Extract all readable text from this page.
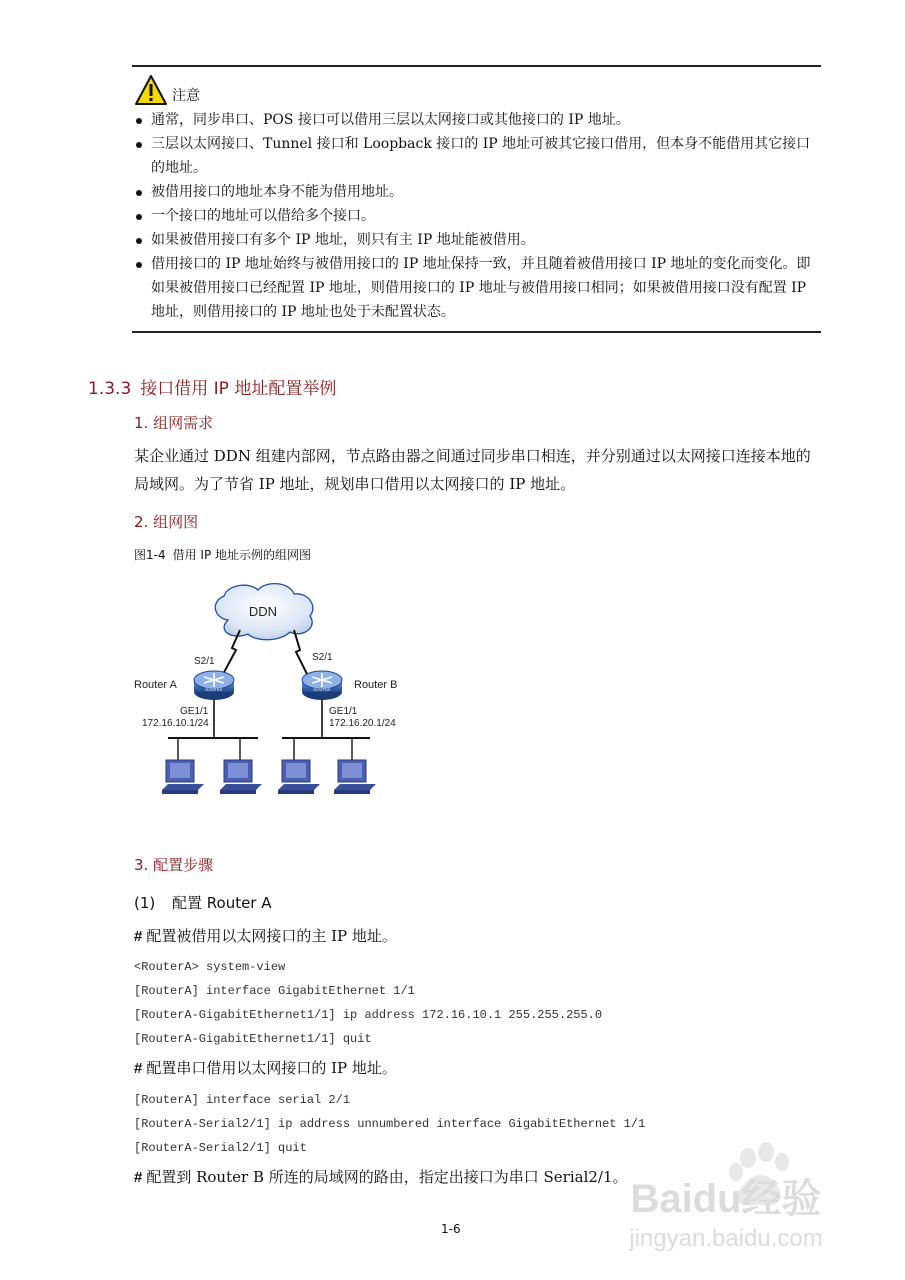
注意
通常，同步串口、POS 接口可以借用三层以太网接口或其他接口的 IP 地址。
三层以太网接口、Tunnel 接口和 Loopback 接口的 IP 地址可被其它接口借用，但本身不能借用其它接口的地址。
被借用接口的地址本身不能为借用地址。
一个接口的地址可以借给多个接口。
如果被借用接口有多个 IP 地址，则只有主 IP 地址能被借用。
借用接口的 IP 地址始终与被借用接口的 IP 地址保持一致，并且随着被借用接口 IP 地址的变化而变化。即如果被借用接口已经配置 IP 地址，则借用接口的 IP 地址与被借用接口相同；如果被借用接口没有配置 IP 地址，则借用接口的 IP 地址也处于未配置状态。
1.3.3 接口借用 IP 地址配置举例
1. 组网需求
某企业通过 DDN 组建内部网，节点路由器之间通过同步串口相连，并分别通过以太网接口连接本地的局域网。为了节省 IP 地址，规划串口借用以太网接口的 IP 地址。
2. 组网图
图1-4 借用 IP 地址示例的组网图
DDN
S2/1	S2/1
ROUTER
Router A	ROUTER Router B
GE1/1
172.16.10.1/24
GE1/1
172.16.20.1/24
3. 配置步骤
(1) 配置 Router A
# 配置被借用以太网接口的主 IP 地址。
<RouterA> system-view
[RouterA] interface GigabitEthernet 1/1
[RouterA-GigabitEthernet1/1] ip address 172.16.10.1 255.255.255.0
[RouterA-GigabitEthernet1/1] quit
# 配置串口借用以太网接口的 IP 地址。
[RouterA] interface serial 2/1
[RouterA-Serial2/1] ip address unnumbered interface GigabitEthernet 1/1
[RouterA-Serial2/1] quit
# 配置到 Router B 所连的局域网的路由，指定出接口为串口 Serial2/1。
1-6
Baidu经验
jingyan.baidu.com
